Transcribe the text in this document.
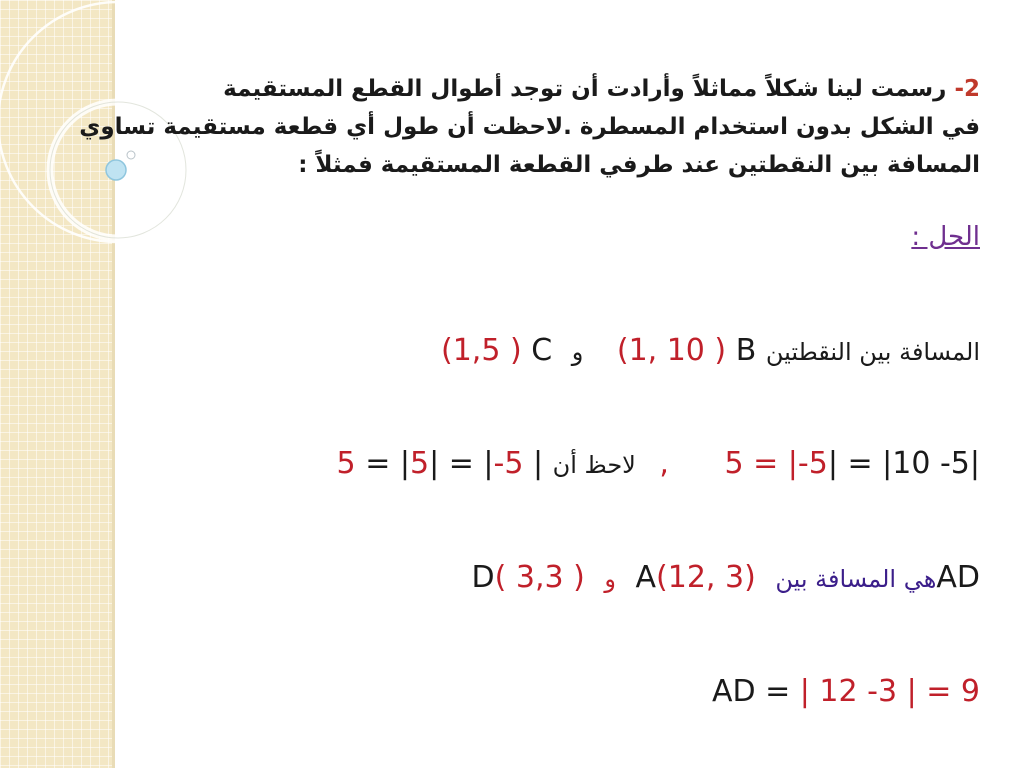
2- رسمت لينا شكلاً مماثلاً وأرادت أن توجد أطوال القطع المستقيمة
في الشكل بدون استخدام المسطرة .لاحظت أن طول أي قطعة مستقيمة تساوي
المسافة بين النقطتين عند طرفي القطعة المستقيمة فمثلاً :
الحل :
المسافة بين النقطتين (1, 10 ) B و (1,5 ) C
5 = |-5| = |10 -5| , لاحظ أن 5 = |5| = |-5 |
ADهي المسافة بين A(12, 3) و D( 3,3 )
AD = | 12 -3 | = 9
